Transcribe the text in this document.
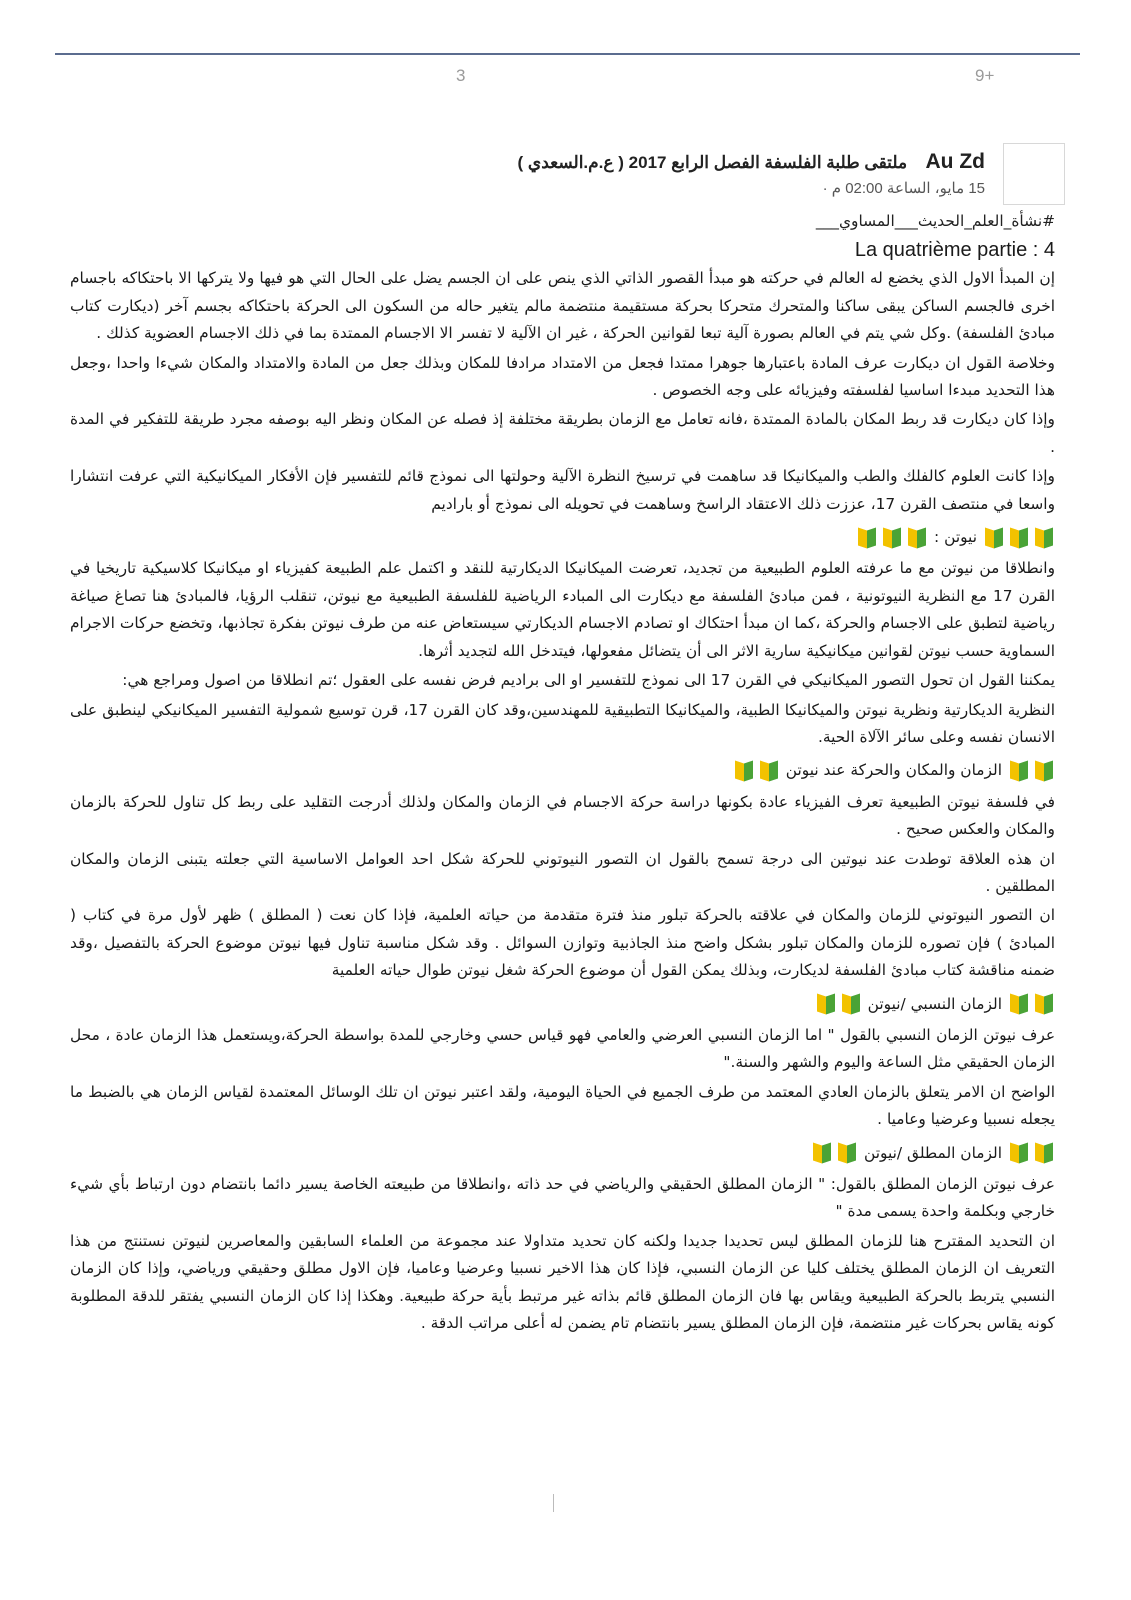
3	9+
Au Zd ملتقى طلبة الفلسفة الفصل الرابع 2017 ( ع.م.السعدي )
15 مايو، الساعة 02:00 م ·

#نشأة_العلم_الحديث___المساوي___

La quatrième partie : 4

إن المبدأ الاول الذي يخضع له العالم في حركته هو مبدأ القصور الذاتي الذي ينص على ان الجسم يضل على الحال التي هو فيها ولا يتركها الا باحتكاكه باجسام اخرى فالجسم الساكن يبقى ساكنا والمتحرك متحركا بحركة مستقيمة منتضمة مالم يتغير حاله من السكون الى الحركة باحتكاكه بجسم آخر (ديكارت كتاب مبادئ الفلسفة) .وكل شي يتم في العالم بصورة آلية تبعا لقوانين الحركة ، غير ان الآلية لا تفسر الا الاجسام الممتدة بما في ذلك الاجسام العضوية كذلك .

وخلاصة القول ان ديكارت عرف المادة باعتبارها جوهرا ممتدا فجعل من الامتداد مرادفا للمكان وبذلك جعل من المادة والامتداد والمكان شيءا واحدا ،وجعل هذا التحديد مبدءا اساسيا لفلسفته وفيزيائه على وجه الخصوص .

وإذا كان ديكارت قد ربط المكان بالمادة الممتدة ،فانه تعامل مع الزمان بطريقة مختلفة إذ فصله عن المكان ونظر اليه بوصفه مجرد طريقة للتفكير في المدة .

وإذا كانت العلوم كالفلك والطب والميكانيكا قد ساهمت في ترسيخ النظرة الآلية وحولتها الى نموذج قائم للتفسير فإن الأفكار الميكانيكية التي عرفت انتشارا واسعا في منتصف القرن 17، عززت ذلك الاعتقاد الراسخ وساهمت في تحويله الى نموذج أو باراديم

نيوتن :

وانطلاقا من نيوتن مع ما عرفته العلوم الطبيعية من تجديد، تعرضت الميكانيكا الديكارتية للنقد و اكتمل علم الطبيعة كفيزياء او ميكانيكا كلاسيكية تاريخيا في القرن 17 مع النظرية النيوتونية ، فمن مبادئ الفلسفة مع ديكارت الى المبادء الرياضية للفلسفة الطبيعية مع نيوتن، تنقلب الرؤيا، فالمبادئ هنا تصاغ صياغة رياضية لتطبق على الاجسام والحركة ،كما ان مبدأ احتكاك او تصادم الاجسام الديكارتي سيستعاض عنه من طرف نيوتن بفكرة تجاذبها، وتخضع حركات الاجرام السماوية حسب نيوتن لقوانين ميكانيكية سارية الاثر الى أن يتضائل مفعولها، فيتدخل الله لتجديد أثرها.

يمكننا القول ان تحول التصور الميكانيكي في القرن 17 الى نموذج للتفسير او الى براديم فرض نفسه على العقول ؛تم انطلاقا من اصول ومراجع هي:

النظرية الديكارتية ونظرية نيوتن والميكانيكا الطبية، والميكانيكا التطبيقية للمهندسين،وقد كان القرن 17، قرن توسيع شمولية التفسير الميكانيكي لينطبق على الانسان نفسه وعلى سائر الآلاة الحية.

الزمان والمكان والحركة عند نيوتن

في فلسفة نيوتن الطبيعية تعرف الفيزياء عادة بكونها دراسة حركة الاجسام في الزمان والمكان ولذلك أدرجت التقليد على ربط كل تناول للحركة بالزمان والمكان والعكس صحيح .

ان هذه العلاقة توطدت عند نيوتين الى درجة تسمح بالقول ان التصور النيوتوني للحركة شكل احد العوامل الاساسية التي جعلته يتبنى الزمان والمكان المطلقين .

ان التصور النيوتوني للزمان والمكان في علاقته بالحركة تبلور منذ فترة متقدمة من حياته العلمية، فإذا كان نعت ( المطلق ) ظهر لأول مرة في كتاب ( المبادئ ) فإن تصوره للزمان والمكان تبلور بشكل واضح منذ الجاذبية وتوازن السوائل . وقد شكل مناسبة تناول فيها نيوتن موضوع الحركة بالتفصيل ،وقد ضمنه مناقشة كتاب مبادئ الفلسفة لديكارت، وبذلك يمكن القول أن موضوع الحركة شغل نيوتن طوال حياته العلمية

الزمان النسبي /نيوتن

عرف نيوتن الزمان النسبي بالقول " اما الزمان النسبي العرضي والعامي فهو قياس حسي وخارجي للمدة بواسطة الحركة،ويستعمل هذا الزمان عادة ، محل الزمان الحقيقي مثل الساعة واليوم والشهر والسنة."

الواضح ان الامر يتعلق بالزمان العادي المعتمد من طرف الجميع في الحياة اليومية، ولقد اعتبر نيوتن ان تلك الوسائل المعتمدة لقياس الزمان هي بالضبط ما يجعله نسبيا وعرضيا وعاميا .

الزمان المطلق /نيوتن

عرف نيوتن الزمان المطلق بالقول: " الزمان المطلق الحقيقي والرياضي في حد ذاته ،وانطلاقا من طبيعته الخاصة يسير دائما بانتضام دون ارتباط بأي شيء خارجي وبكلمة واحدة يسمى مدة "

ان التحديد المقترح هنا للزمان المطلق ليس تحديدا جديدا ولكنه كان تحديد متداولا عند مجموعة من العلماء السابقين والمعاصرين لنيوتن نستنتج من هذا التعريف ان الزمان المطلق يختلف كليا عن الزمان النسبي، فإذا كان هذا الاخير نسبيا وعرضيا وعاميا، فإن الاول مطلق وحقيقي ورياضي، وإذا كان الزمان النسبي يتربط بالحركة الطبيعية ويقاس بها فان الزمان المطلق قائم بذاته غير مرتبط بأية حركة طبيعية. وهكذا إذا كان الزمان النسبي يفتقر للدقة المطلوبة كونه يقاس بحركات غير منتضمة، فإن الزمان المطلق يسير بانتضام تام يضمن له أعلى مراتب الدقة .
